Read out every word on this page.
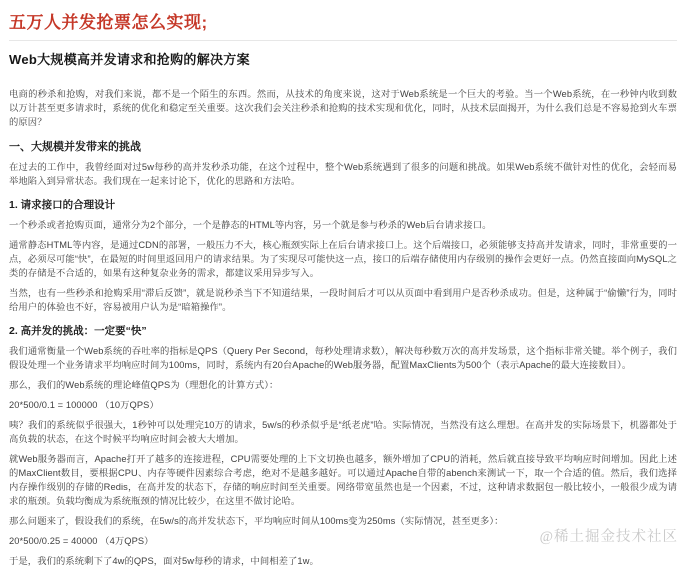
五万人并发抢票怎么实现;
Web大规模高并发请求和抢购的解决方案

电商的秒杀和抢购，对我们来说，都不是一个陌生的东西。然而，从技术的角度来说，这对于Web系统是一个巨大的考验。当一个Web系统，在一秒钟内收到数以万计甚至更多请求时，系统的优化和稳定至关重要。这次我们会关注秒杀和抢购的技术实现和优化，同时，从技术层面揭开，为什么我们总是不容易抢到火车票的原因？

一、大规模并发带来的挑战

在过去的工作中，我曾经面对过5w每秒的高并发秒杀功能，在这个过程中，整个Web系统遇到了很多的问题和挑战。如果Web系统不做针对性的优化，会轻而易举地陷入到异常状态。我们现在一起来讨论下，优化的思路和方法哈。

1. 请求接口的合理设计

一个秒杀或者抢购页面，通常分为2个部分，一个是静态的HTML等内容，另一个就是参与秒杀的Web后台请求接口。

通常静态HTML等内容，是通过CDN的部署，一般压力不大，核心瓶颈实际上在后台请求接口上。这个后端接口，必须能够支持高并发请求，同时，非常重要的一点，必须尽可能“快”，在最短的时间里返回用户的请求结果。为了实现尽可能快这一点，接口的后端存储使用内存级别的操作会更好一点。仍然直接面向MySQL之类的存储是不合适的，如果有这种复杂业务的需求，都建议采用异步写入。

当然，也有一些秒杀和抢购采用“滞后反馈”，就是说秒杀当下不知道结果，一段时间后才可以从页面中看到用户是否秒杀成功。但是，这种属于“偷懒”行为，同时给用户的体验也不好，容易被用户认为是“暗箱操作”。

2. 高并发的挑战：一定要“快”

我们通常衡量一个Web系统的吞吐率的指标是QPS（Query Per Second，每秒处理请求数），解决每秒数万次的高并发场景，这个指标非常关键。举个例子，我们假设处理一个业务请求平均响应时间为100ms，同时，系统内有20台Apache的Web服务器，配置MaxClients为500个（表示Apache的最大连接数目）。

那么，我们的Web系统的理论峰值QPS为（理想化的计算方式）：

20*500/0.1 = 100000 （10万QPS）

咦？我们的系统似乎很强大，1秒钟可以处理完10万的请求，5w/s的秒杀似乎是“纸老虎”哈。实际情况，当然没有这么理想。在高并发的实际场景下，机器都处于高负载的状态，在这个时候平均响应时间会被大大增加。

就Web服务器而言，Apache打开了越多的连接进程，CPU需要处理的上下文切换也越多，额外增加了CPU的消耗，然后就直接导致平均响应时间增加。因此上述的MaxClient数目，要根据CPU、内存等硬件因素综合考虑，绝对不是越多越好。可以通过Apache自带的abench来测试一下，取一个合适的值。然后，我们选择内存操作级别的存储的Redis，在高并发的状态下，存储的响应时间至关重要。网络带宽虽然也是一个因素，不过，这种请求数据包一般比较小，一般很少成为请求的瓶颈。负载均衡成为系统瓶颈的情况比较少，在这里不做讨论哈。

那么问题来了，假设我们的系统，在5w/s的高并发状态下，平均响应时间从100ms变为250ms（实际情况，甚至更多）：

20*500/0.25 = 40000 （4万QPS）

于是，我们的系统剩下了4w的QPS，面对5w每秒的请求，中间相差了1w。

@稀土掘金技术社区
